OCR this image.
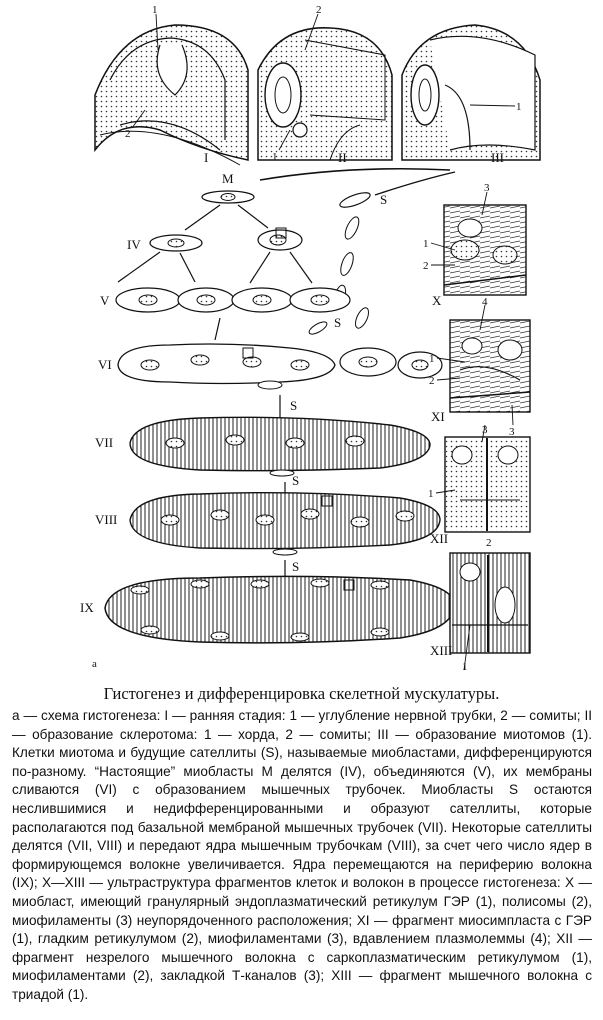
I	II	III
IV
V
VI
VII
VIII
IX
X
XI
XII
XIII
M
S
S
S
S
S
1
2
2
1
1
3
1
2
4
1
2
3
3
1
2
1
a
Гистогенез и дифференцировка скелетной мускулатуры.
а — схема гистогенеза: I — ранняя стадия: 1 — углубление нервной трубки, 2 — сомиты; II — образование склеротома: 1 — хорда, 2 — сомиты; III — образование миотомов (1). Клетки миотома и будущие сателлиты (S), называемые миобластами, дифференцируются по-разному. “Настоящие” миобласты М делятся (IV), объединяются (V), их мембраны сливаются (VI) с образованием мышечных трубочек. Миобласты S остаются неслившимися и недифференцированными и образуют сателлиты, которые располагаются под базальной мембраной мышечных трубочек (VII). Некоторые сателлиты делятся (VII, VIII) и передают ядра мышечным трубочкам (VIII), за счет чего число ядер в формирующемся волокне увеличивается. Ядра перемещаются на периферию волокна (IX); X—XIII — ультраструктура фрагментов клеток и волокон в процессе гистогенеза: X — миобласт, имеющий гранулярный эндоплазматический ретикулум ГЭР (1), полисомы (2), миофиламенты (3) неупорядоченного расположения; XI — фрагмент миосимпласта с ГЭР (1), гладким ретикулумом (2), миофиламентами (3), вдавлением плазмолеммы (4); XII — фрагмент незрелого мышечного волокна с саркоплазматическим ретикулумом (1), миофиламентами (2), закладкой Т-каналов (3); XIII — фрагмент мышечного волокна с триадой (1).
